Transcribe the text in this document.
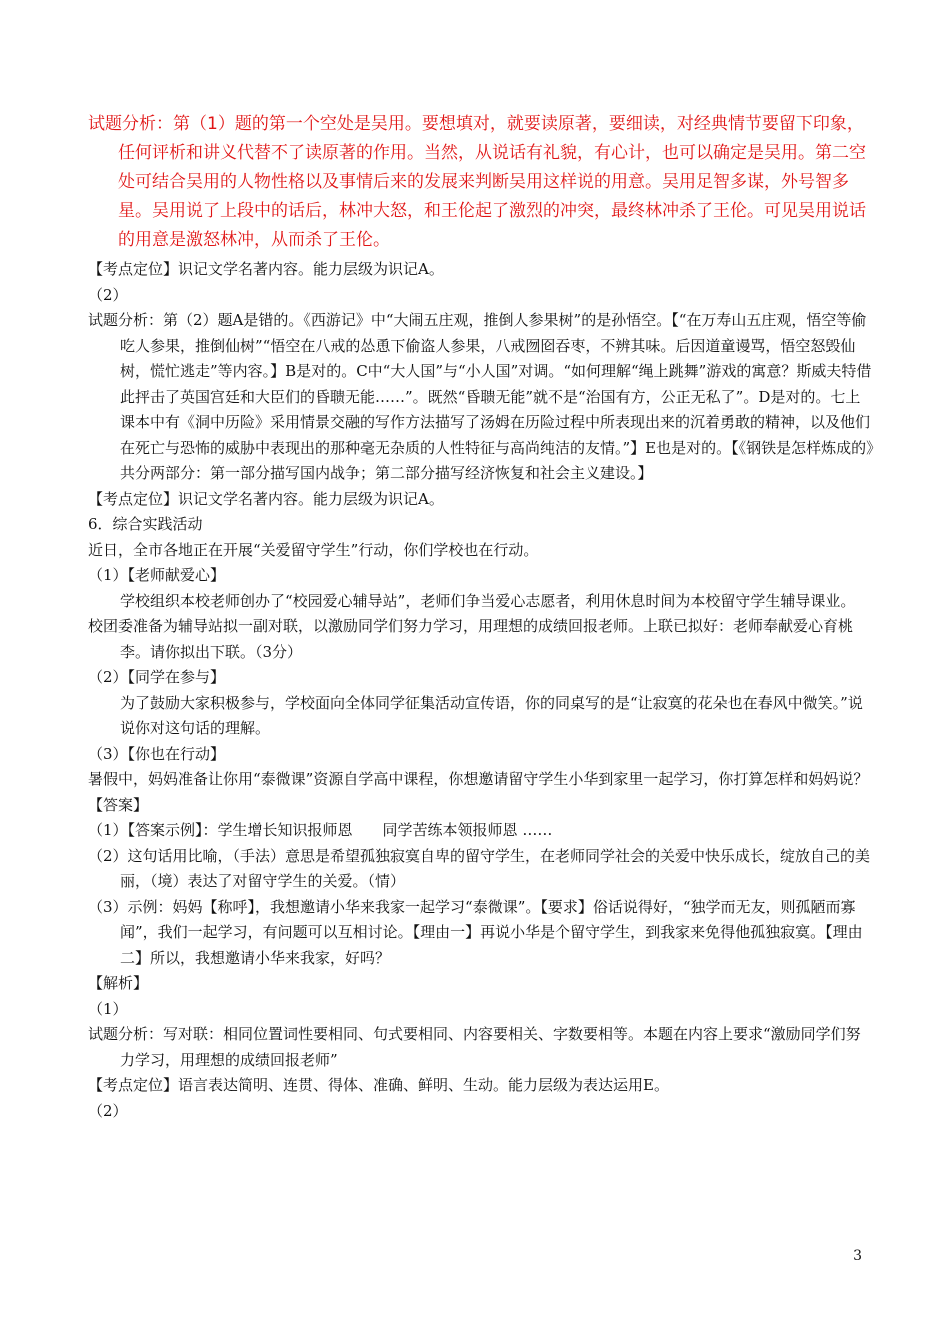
试题分析：第（1）题的第一个空处是吴用。要想填对，就要读原著，要细读，对经典情节要留下印象，任何评析和讲义代替不了读原著的作用。当然，从说话有礼貌，有心计，也可以确定是吴用。第二空处可结合吴用的人物性格以及事情后来的发展来判断吴用这样说的用意。吴用足智多谋，外号智多星。吴用说了上段中的话后，林冲大怒，和王伦起了激烈的冲突，最终林冲杀了王伦。可见吴用说话的用意是激怒林冲，从而杀了王伦。
【考点定位】识记文学名著内容。能力层级为识记A。
（2）
试题分析：第（2）题A是错的。《西游记》中“大闹五庄观，推倒人参果树”的是孙悟空。【“在万寿山五庄观，悟空等偷吃人参果，推倒仙树”“悟空在八戒的怂恿下偷盗人参果，八戒囫囵吞枣，不辨其味。后因道童谩骂，悟空怒毁仙树，慌忙逃走”等内容。】B是对的。C中“大人国”与“小人国”对调。“如何理解“绳上跳舞”游戏的寓意？斯威夫特借此抨击了英国宫廷和大臣们的昏聩无能……”。既然“昏聩无能”就不是“治国有方，公正无私了”。D是对的。七上课本中有《洞中历险》采用情景交融的写作方法描写了汤姆在历险过程中所表现出来的沉着勇敢的精神，以及他们在死亡与恐怖的威胁中表现出的那种毫无杂质的人性特征与高尚纯洁的友情。”】E也是对的。【《钢铁是怎样炼成的》共分两部分：第一部分描写国内战争；第二部分描写经济恢复和社会主义建设。】
【考点定位】识记文学名著内容。能力层级为识记A。
6．综合实践活动
近日，全市各地正在开展“关爱留守学生”行动，你们学校也在行动。
（1）【老师献爱心】
学校组织本校老师创办了“校园爱心辅导站”，老师们争当爱心志愿者，利用休息时间为本校留守学生辅导课业。
校团委准备为辅导站拟一副对联，以激励同学们努力学习，用理想的成绩回报老师。上联已拟好：老师奉献爱心育桃李。请你拟出下联。（3分）
（2）【同学在参与】
为了鼓励大家积极参与，学校面向全体同学征集活动宣传语，你的同桌写的是“让寂寞的花朵也在春风中微笑。”说说你对这句话的理解。
（3）【你也在行动】
暑假中，妈妈准备让你用“泰微课”资源自学高中课程，你想邀请留守学生小华到家里一起学习，你打算怎样和妈妈说？
【答案】
（1）【答案示例】：学生增长知识报师恩　　同学苦练本领报师恩 ……
（2）这句话用比喻，（手法）意思是希望孤独寂寞自卑的留守学生，在老师同学社会的关爱中快乐成长，绽放自己的美丽，（境）表达了对留守学生的关爱。（情）
（3）示例：妈妈【称呼】，我想邀请小华来我家一起学习“泰微课”。【要求】俗话说得好，“独学而无友，则孤陋而寡闻”，我们一起学习，有问题可以互相讨论。【理由一】再说小华是个留守学生，到我家来免得他孤独寂寞。【理由二】所以，我想邀请小华来我家，好吗？
【解析】
（1）
试题分析：写对联：相同位置词性要相同、句式要相同、内容要相关、字数要相等。本题在内容上要求“激励同学们努力学习，用理想的成绩回报老师”
【考点定位】语言表达简明、连贯、得体、准确、鲜明、生动。能力层级为表达运用E。
（2）
3
